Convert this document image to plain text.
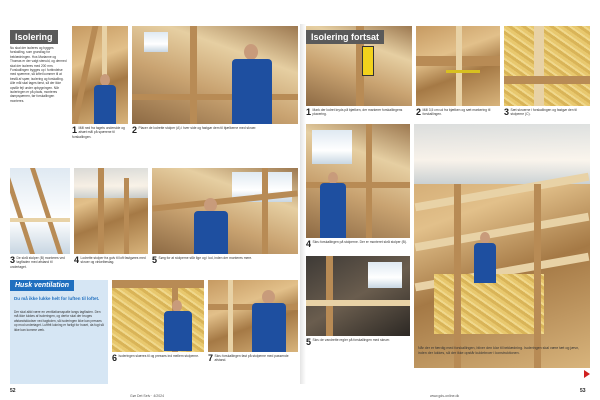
Isolering

Nu skal der isoleres og bygges forskalling, som grundlag for beklædningen. Hos Marianne og Thomas er der valgt stenuld, og dermed skal der isoleres med 200 mm. Forskallingen bygges op i forbindelse med spærene, så loftet kommer til at bestå af spær, isolering og forskalling. Alle mål skal tages først, så der ikke opstår fejl under opbygningen. Når isoleringen er på plads, monteres dampspærren, før forskallingen monteres.

1 Mål ned fra tagets underside og afsæt mål på spærene til forskallingen.

2 Placer de lodrette stolper (A) i hver side og fastgør dem til bjælkerne med skruer.

3 De skrå stolper (B) monteres ved tagfladen med afstand til undertaget.

4 Lodrette stolper fra gulv til loft fastgøres med skruer og vinkelbeslag.	5 Sørg for at stolperne står lige og i lod, inden der monteres mere.

Husk ventilation

Du må ikke lukke helt for luften til loftet.

Der skal altid være en ventilationsspalte langs tagfladen. Den må ikke lukkes af isoleringen, og derfor skal der bruges afstandsklodser ved tagfoden, så isoleringen ikke kan presses op mod undertaget. Luftfrit lukning er farligt for huset, da fugt så ikke kan komme væk.

6 Isoleringen skæres til og presses ind mellem stolperne.	7 Skru forskallingen fast på stolperne med passende afstand.

Isolering fortsat

1 Mark der lodret kryds på bjælken, der markerer forskallingens placering.	2 Mål 3,5 cm ud fra bjælken og sæt markering til forskallingen.	3 Sæt skruerne i forskallingen og fastgør den til stolperne (C).

4 Skru forskallingen på stolperne. Der er monteret skrå stolper (B).

5 Skru de vandrette regler på forskallingen med skruer.

Når der er færdig med forskallingen, bliver den klar til beklædning. Isoleringen skal være tæt og jævn, inden der lukkes, så der ikke opstår kuldebroer i konstruktionen.

52
Gør Det Selv · 4/2024	www.gds-online.dk
53
